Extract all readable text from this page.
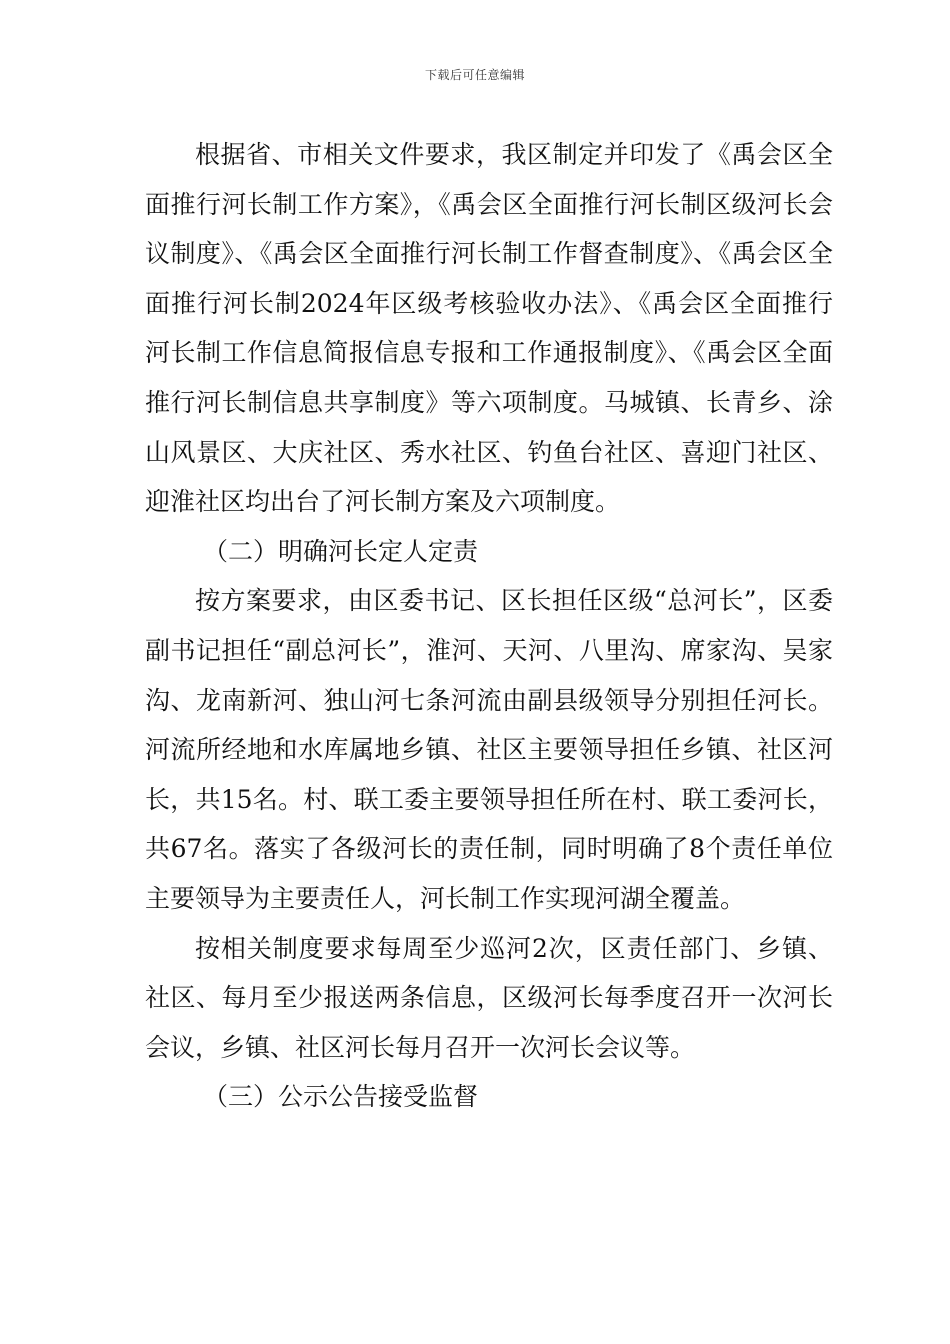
下载后可任意编辑

根据省、市相关文件要求，我区制定并印发了《禹会区全面推行河长制工作方案》，《禹会区全面推行河长制区级河长会议制度》、《禹会区全面推行河长制工作督查制度》、《禹会区全面推行河长制2024年区级考核验收办法》、《禹会区全面推行河长制工作信息简报信息专报和工作通报制度》、《禹会区全面推行河长制信息共享制度》等六项制度。马城镇、长青乡、涂山风景区、大庆社区、秀水社区、钓鱼台社区、喜迎门社区、迎淮社区均出台了河长制方案及六项制度。

（二）明确河长定人定责

按方案要求，由区委书记、区长担任区级“总河长”，区委副书记担任“副总河长”，淮河、天河、八里沟、席家沟、吴家沟、龙南新河、独山河七条河流由副县级领导分别担任河长。河流所经地和水库属地乡镇、社区主要领导担任乡镇、社区河长，共15名。村、联工委主要领导担任所在村、联工委河长，共67名。落实了各级河长的责任制，同时明确了8个责任单位主要领导为主要责任人，河长制工作实现河湖全覆盖。

按相关制度要求每周至少巡河2次，区责任部门、乡镇、社区、每月至少报送两条信息，区级河长每季度召开一次河长会议，乡镇、社区河长每月召开一次河长会议等。

（三）公示公告接受监督
